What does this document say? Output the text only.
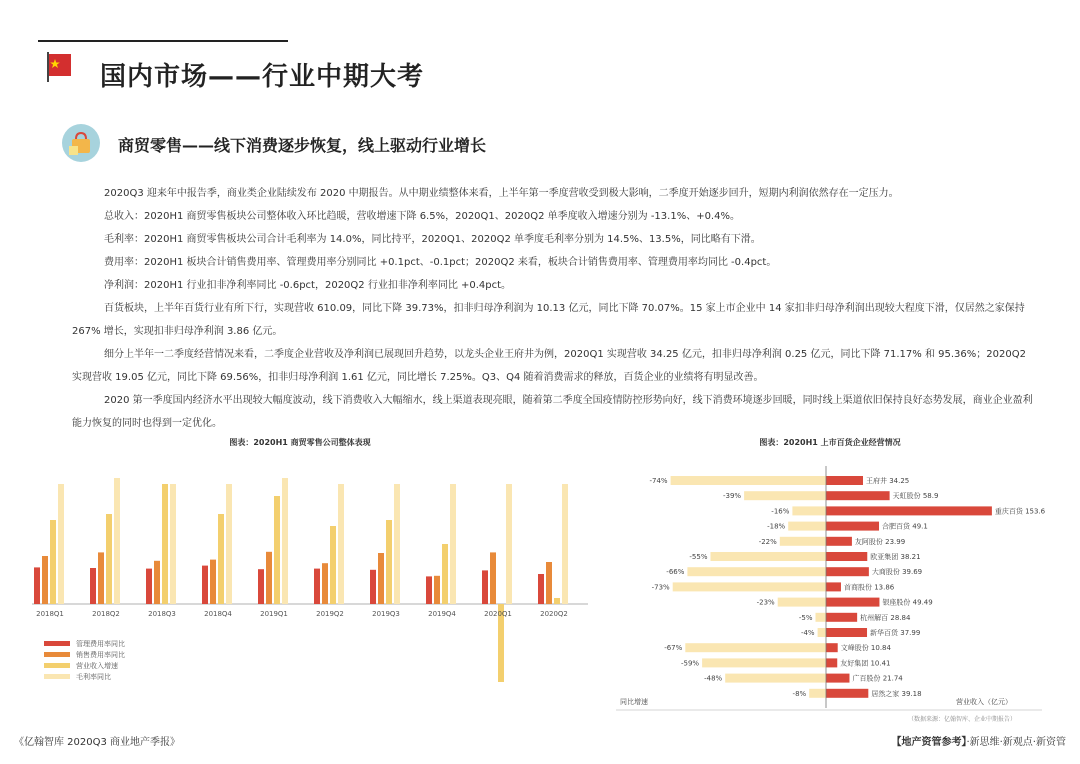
国内市场——行业中期大考
商贸零售——线下消费逐步恢复，线上驱动行业增长

2020Q3 迎来年中报告季，商业类企业陆续发布 2020 中期报告。从中期业绩整体来看，上半年第一季度营收受到极大影响，二季度开始逐步回升，短期内利润依然存在一定压力。

总收入：2020H1 商贸零售板块公司整体收入环比趋暖，营收增速下降 6.5%，2020Q1、2020Q2 单季度收入增速分别为 -13.1%、+0.4%。

毛利率：2020H1 商贸零售板块公司合计毛利率为 14.0%，同比持平，2020Q1、2020Q2 单季度毛利率分别为 14.5%、13.5%，同比略有下滑。

费用率：2020H1 板块合计销售费用率、管理费用率分别同比 +0.1pct、-0.1pct；2020Q2 来看，板块合计销售费用率、管理费用率均同比 -0.4pct。

净利润：2020H1 行业扣非净利率同比 -0.6pct，2020Q2 行业扣非净利率同比 +0.4pct。

百货板块，上半年百货行业有所下行，实现营收 610.09，同比下降 39.73%，扣非归母净利润为 10.13 亿元，同比下降 70.07%。15 家上市企业中 14 家扣非归母净利润出现较大程度下滑，仅居然之家保持 267% 增长，实现扣非归母净利润 3.86 亿元。

细分上半年一二季度经营情况来看，二季度企业营收及净利润已展现回升趋势，以龙头企业王府井为例，2020Q1 实现营收 34.25 亿元，扣非归母净利润 0.25 亿元，同比下降 71.17% 和 95.36%；2020Q2 实现营收 19.05 亿元，同比下降 69.56%，扣非归母净利润 1.61 亿元，同比增长 7.25%。Q3、Q4 随着消费需求的释放，百货企业的业绩将有明显改善。

2020 第一季度国内经济水平出现较大幅度波动，线下消费收入大幅缩水，线上渠道表现亮眼，随着第二季度全国疫情防控形势向好，线下消费环境逐步回暖，同时线上渠道依旧保持良好态势发展，商业企业盈利能力恢复的同时也得到一定优化。

图表：2020H1 商贸零售公司整体表现	图表：2020H1 上市百货企业经营情况
2018Q1	2018Q2	2018Q3	2018Q4	2019Q1	2019Q2	2019Q3	2019Q4	2020Q1	2020Q2
管理费用率同比
销售费用率同比
营业收入增速
毛利率同比
-74%	王府井 34.25
-39%	天虹股份 58.9
-16%	重庆百货 153.6
-18%	合肥百货 49.1
-22%	友阿股份 23.99
-55%	欧亚集团 38.21
-66%	大商股份 39.69
-73%	首商股份 13.86
-23%	银座股份 49.49
-5%	杭州解百 28.84
-4%	新华百货 37.99
-67%	文峰股份 10.84
-59%	友好集团 10.41
-48%	广百股份 21.74
-8%	居然之家 39.18
同比增速	营业收入（亿元）
（数据来源：亿翰智库、企业中期报告）
《亿翰智库 2020Q3 商业地产季报》	【地产资管参考】·新思维·新观点·新资管
